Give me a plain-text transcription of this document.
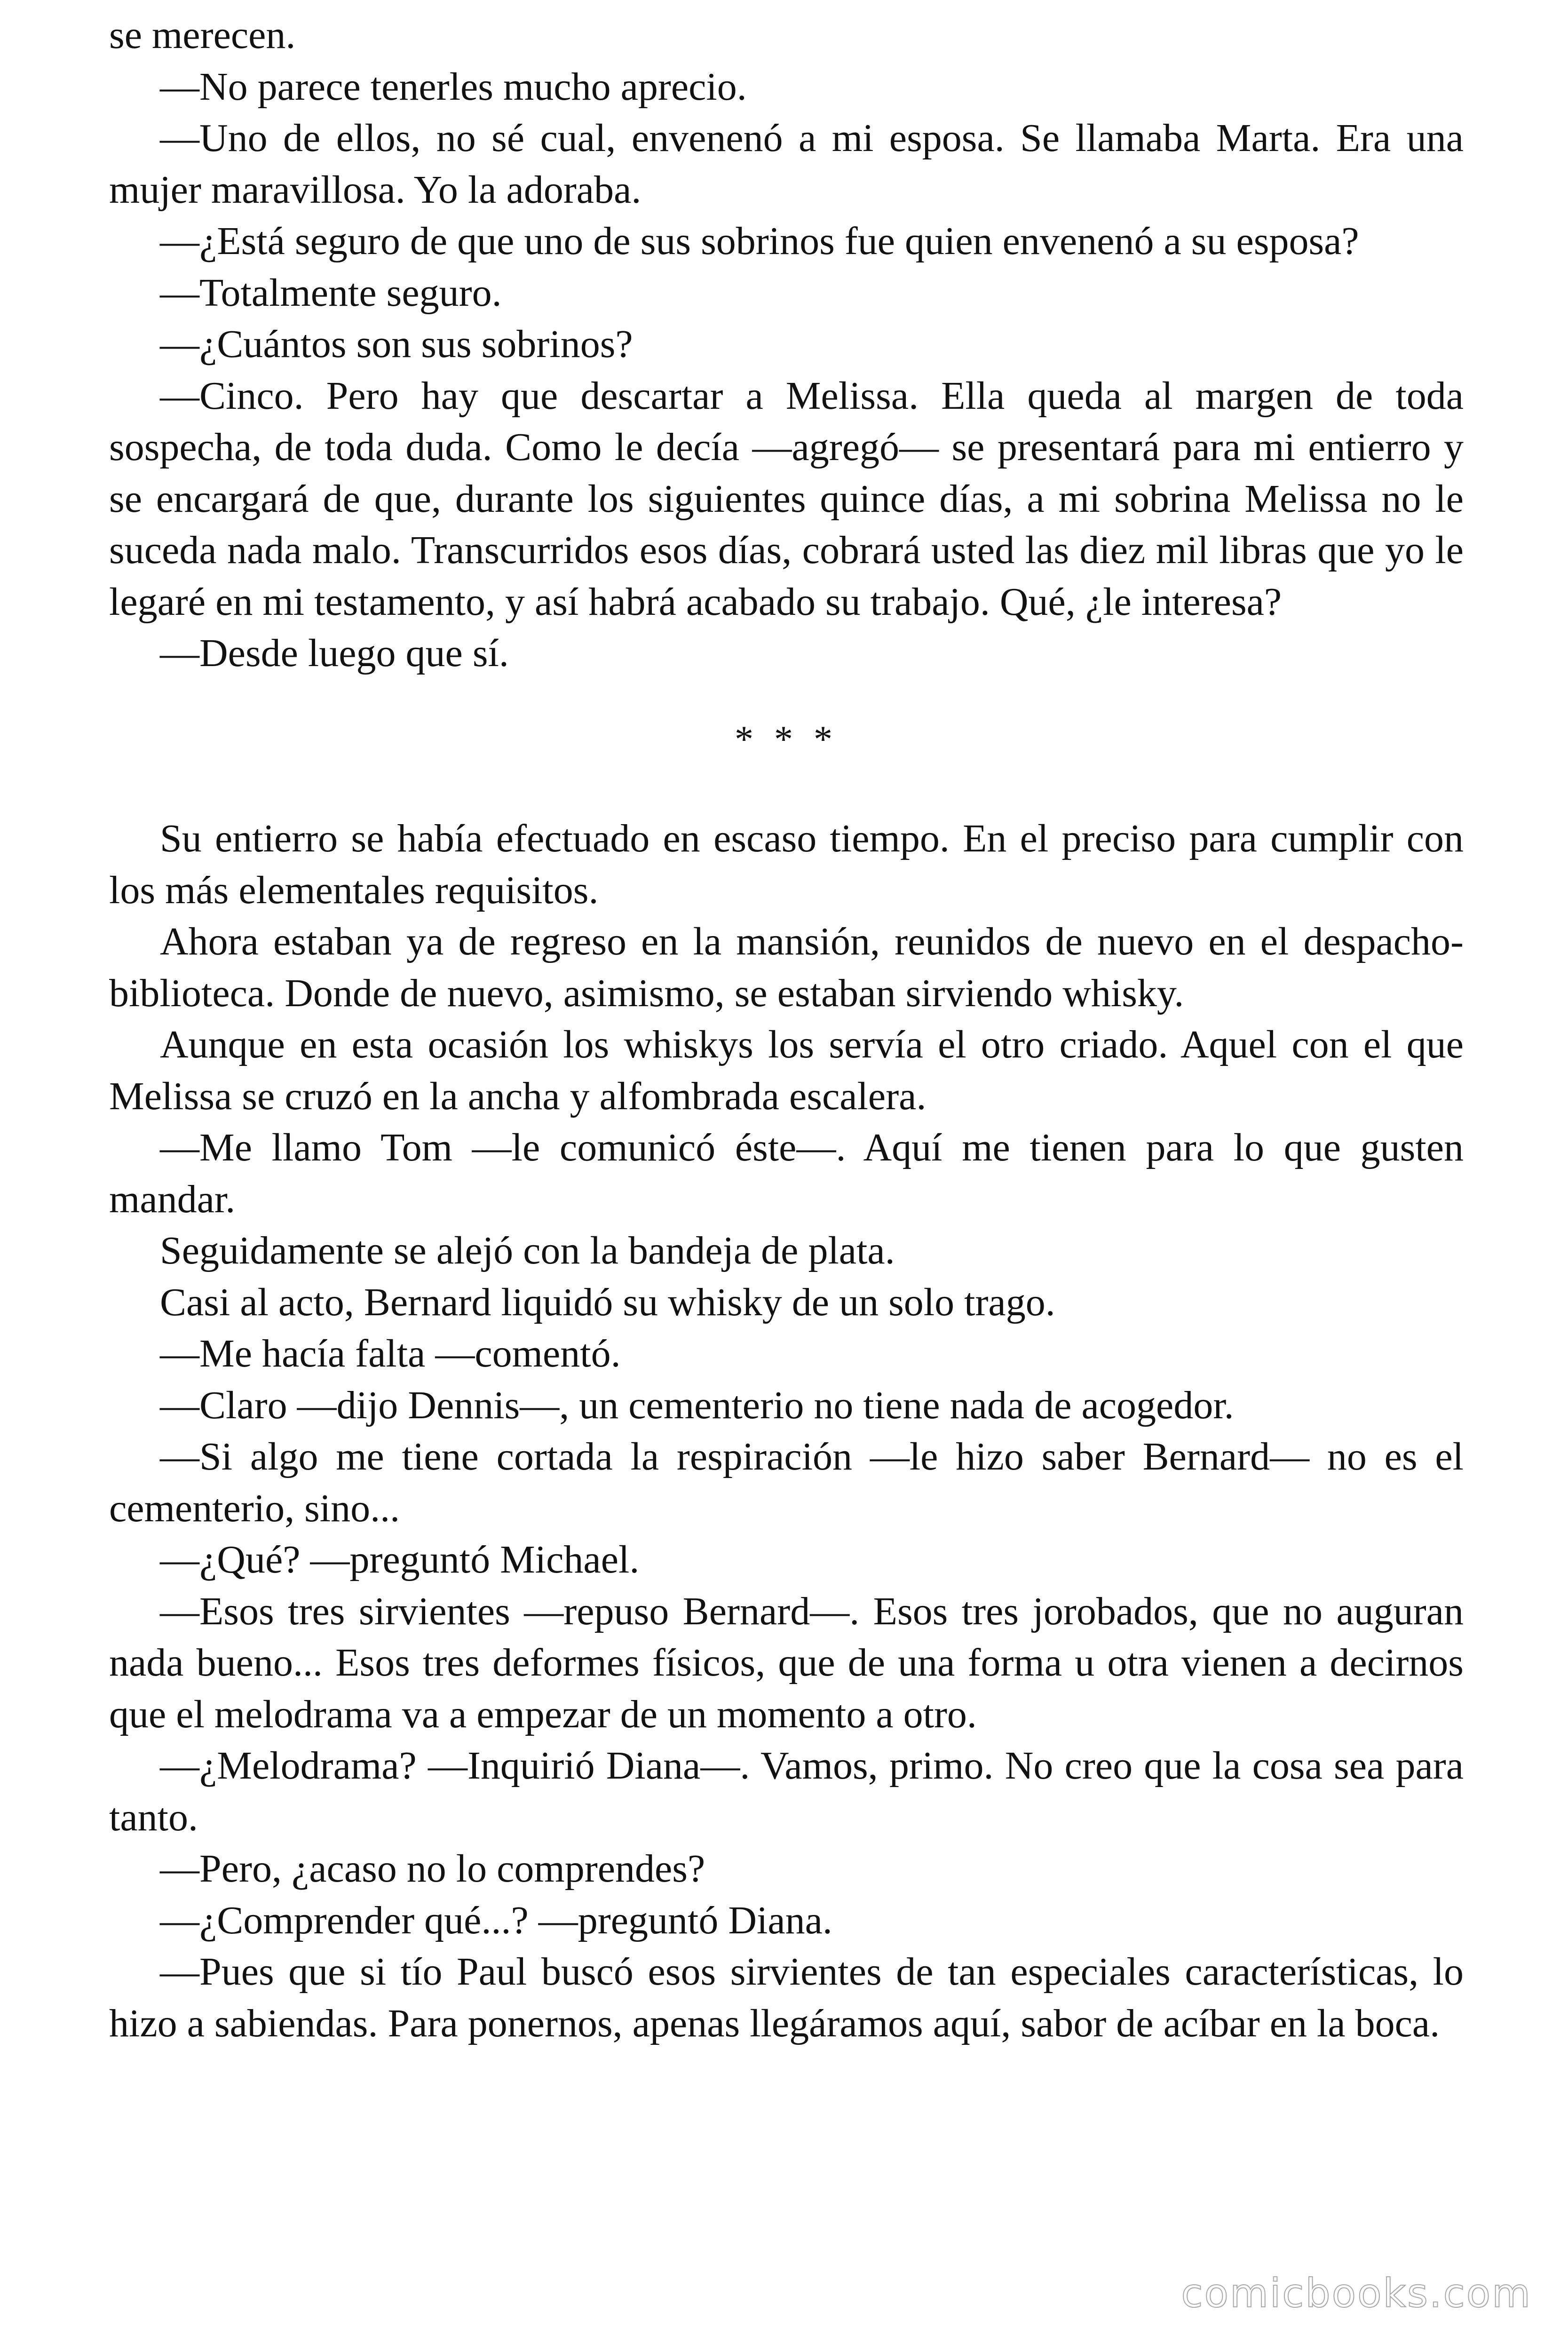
se merecen.

—No parece tenerles mucho aprecio.

—Uno de ellos, no sé cual, envenenó a mi esposa. Se llamaba Marta. Era una mujer maravillosa. Yo la adoraba.

—¿Está seguro de que uno de sus sobrinos fue quien envenenó a su esposa?

—Totalmente seguro.

—¿Cuántos son sus sobrinos?

—Cinco. Pero hay que descartar a Melissa. Ella queda al margen de toda sospecha, de toda duda. Como le decía —agregó— se presentará para mi entierro y se encargará de que, durante los siguientes quince días, a mi sobrina Melissa no le suceda nada malo. Transcurridos esos días, cobrará usted las diez mil libras que yo le legaré en mi testamento, y así habrá acabado su trabajo. Qué, ¿le interesa?

—Desde luego que sí.

* * *

Su entierro se había efectuado en escaso tiempo. En el preciso para cumplir con los más elementales requisitos.

Ahora estaban ya de regreso en la mansión, reunidos de nuevo en el despacho-biblioteca. Donde de nuevo, asimismo, se estaban sirviendo whisky.

Aunque en esta ocasión los whiskys los servía el otro criado. Aquel con el que Melissa se cruzó en la ancha y alfombrada escalera.

—Me llamo Tom —le comunicó éste—. Aquí me tienen para lo que gusten mandar.

Seguidamente se alejó con la bandeja de plata.

Casi al acto, Bernard liquidó su whisky de un solo trago.

—Me hacía falta —comentó.

—Claro —dijo Dennis—, un cementerio no tiene nada de acogedor.

—Si algo me tiene cortada la respiración —le hizo saber Bernard— no es el cementerio, sino...

—¿Qué? —preguntó Michael.

—Esos tres sirvientes —repuso Bernard—. Esos tres jorobados, que no auguran nada bueno... Esos tres deformes físicos, que de una forma u otra vienen a decirnos que el melodrama va a empezar de un momento a otro.

—¿Melodrama? —Inquirió Diana—. Vamos, primo. No creo que la cosa sea para tanto.

—Pero, ¿acaso no lo comprendes?

—¿Comprender qué...? —preguntó Diana.

—Pues que si tío Paul buscó esos sirvientes de tan especiales características, lo hizo a sabiendas. Para ponernos, apenas llegáramos aquí, sabor de acíbar en la boca.

comicbooks.com
